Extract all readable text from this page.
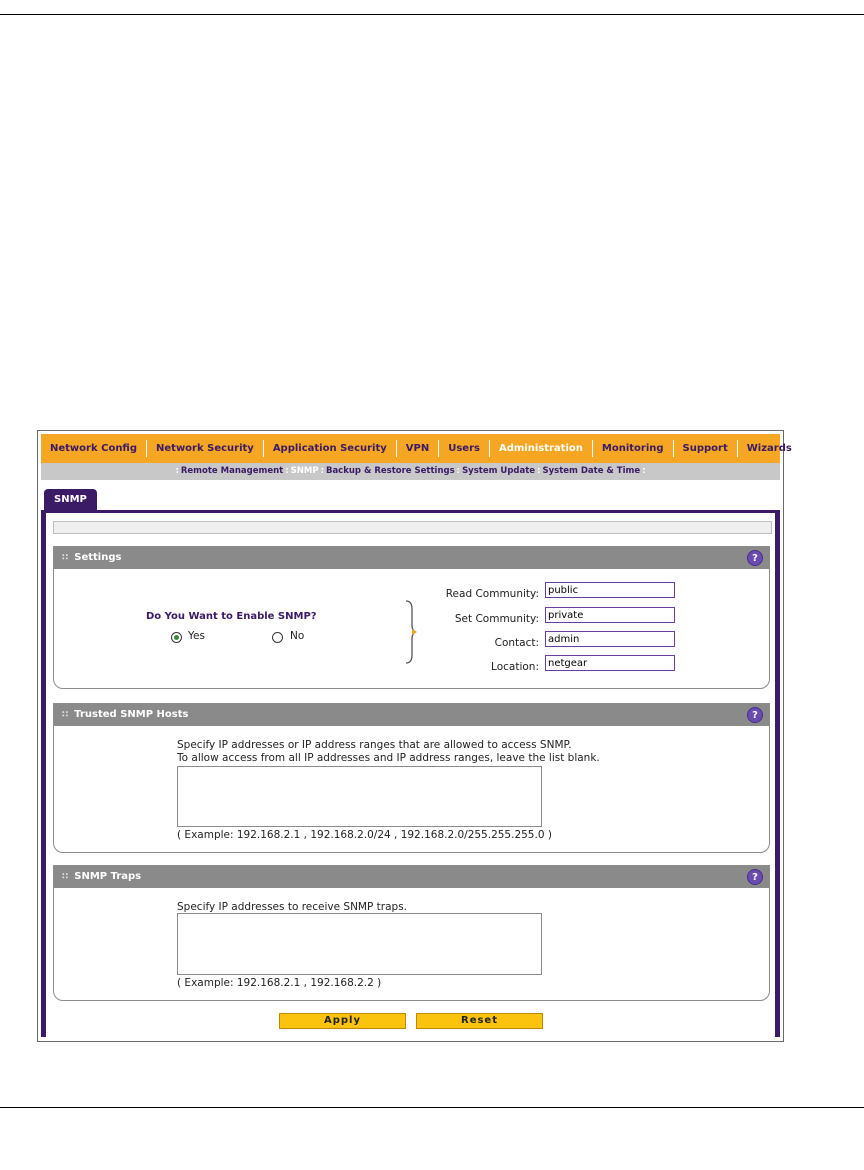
Network Config	Network Security	Application Security	VPN	Users	Administration	Monitoring	Support	Wizards
: Remote Management : SNMP : Backup & Restore Settings : System Update : System Date & Time :
SNMP
∷ Settings	?
Do You Want to Enable SNMP?
Yes	No
Read Community:
public
Set Community:
private
Contact:
admin
Location:
netgear
∷ Trusted SNMP Hosts	?
Specify IP addresses or IP address ranges that are allowed to access SNMP.
To allow access from all IP addresses and IP address ranges, leave the list blank.
( Example: 192.168.2.1 , 192.168.2.0/24 , 192.168.2.0/255.255.255.0 )
∷ SNMP Traps	?
Specify IP addresses to receive SNMP traps.
( Example: 192.168.2.1 , 192.168.2.2 )
Apply	Reset
